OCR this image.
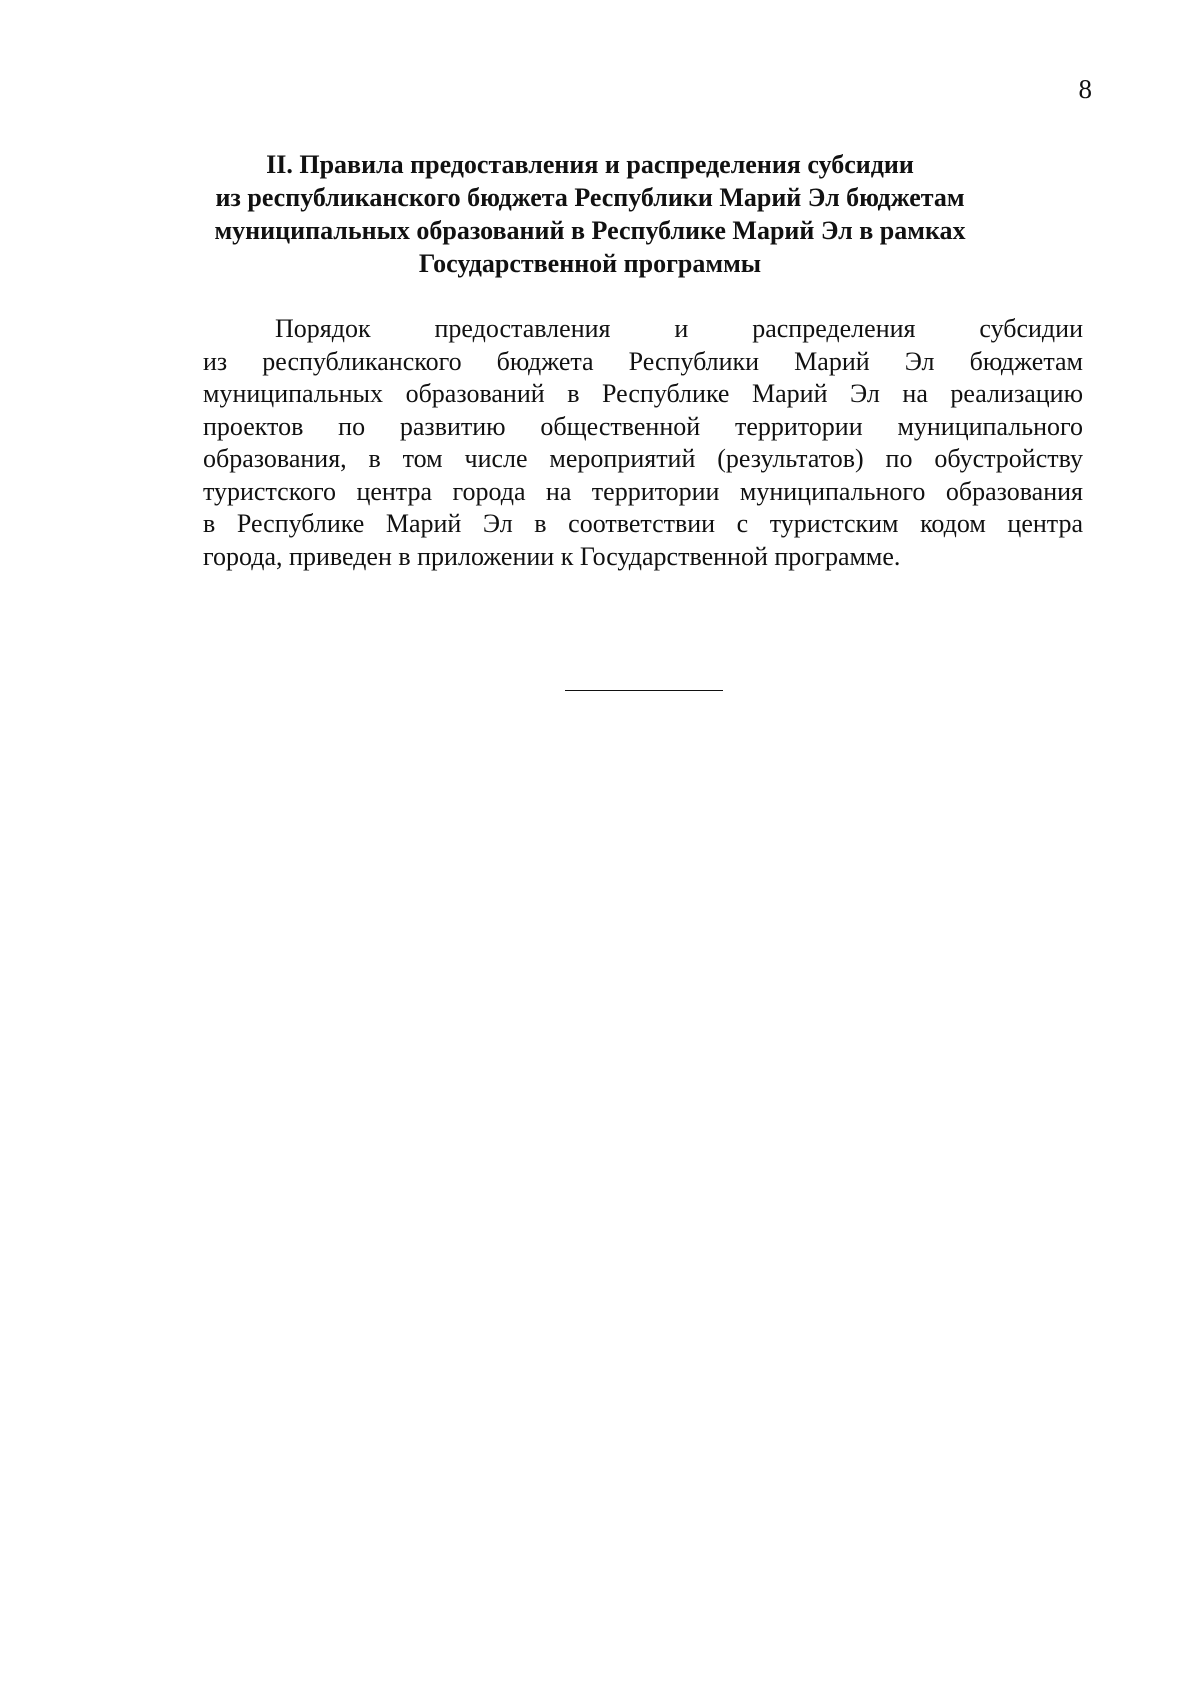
8
II. Правила предоставления и распределения субсидии
из республиканского бюджета Республики Марий Эл бюджетам
муниципальных образований в Республике Марий Эл в рамках
Государственной программы
Порядок предоставления и распределения субсидии
из республиканского бюджета Республики Марий Эл бюджетам
муниципальных образований в Республике Марий Эл на реализацию
проектов по развитию общественной территории муниципального
образования, в том числе мероприятий (результатов) по обустройству
туристского центра города на территории муниципального образования
в Республике Марий Эл в соответствии с туристским кодом центра
города, приведен в приложении к Государственной программе.
